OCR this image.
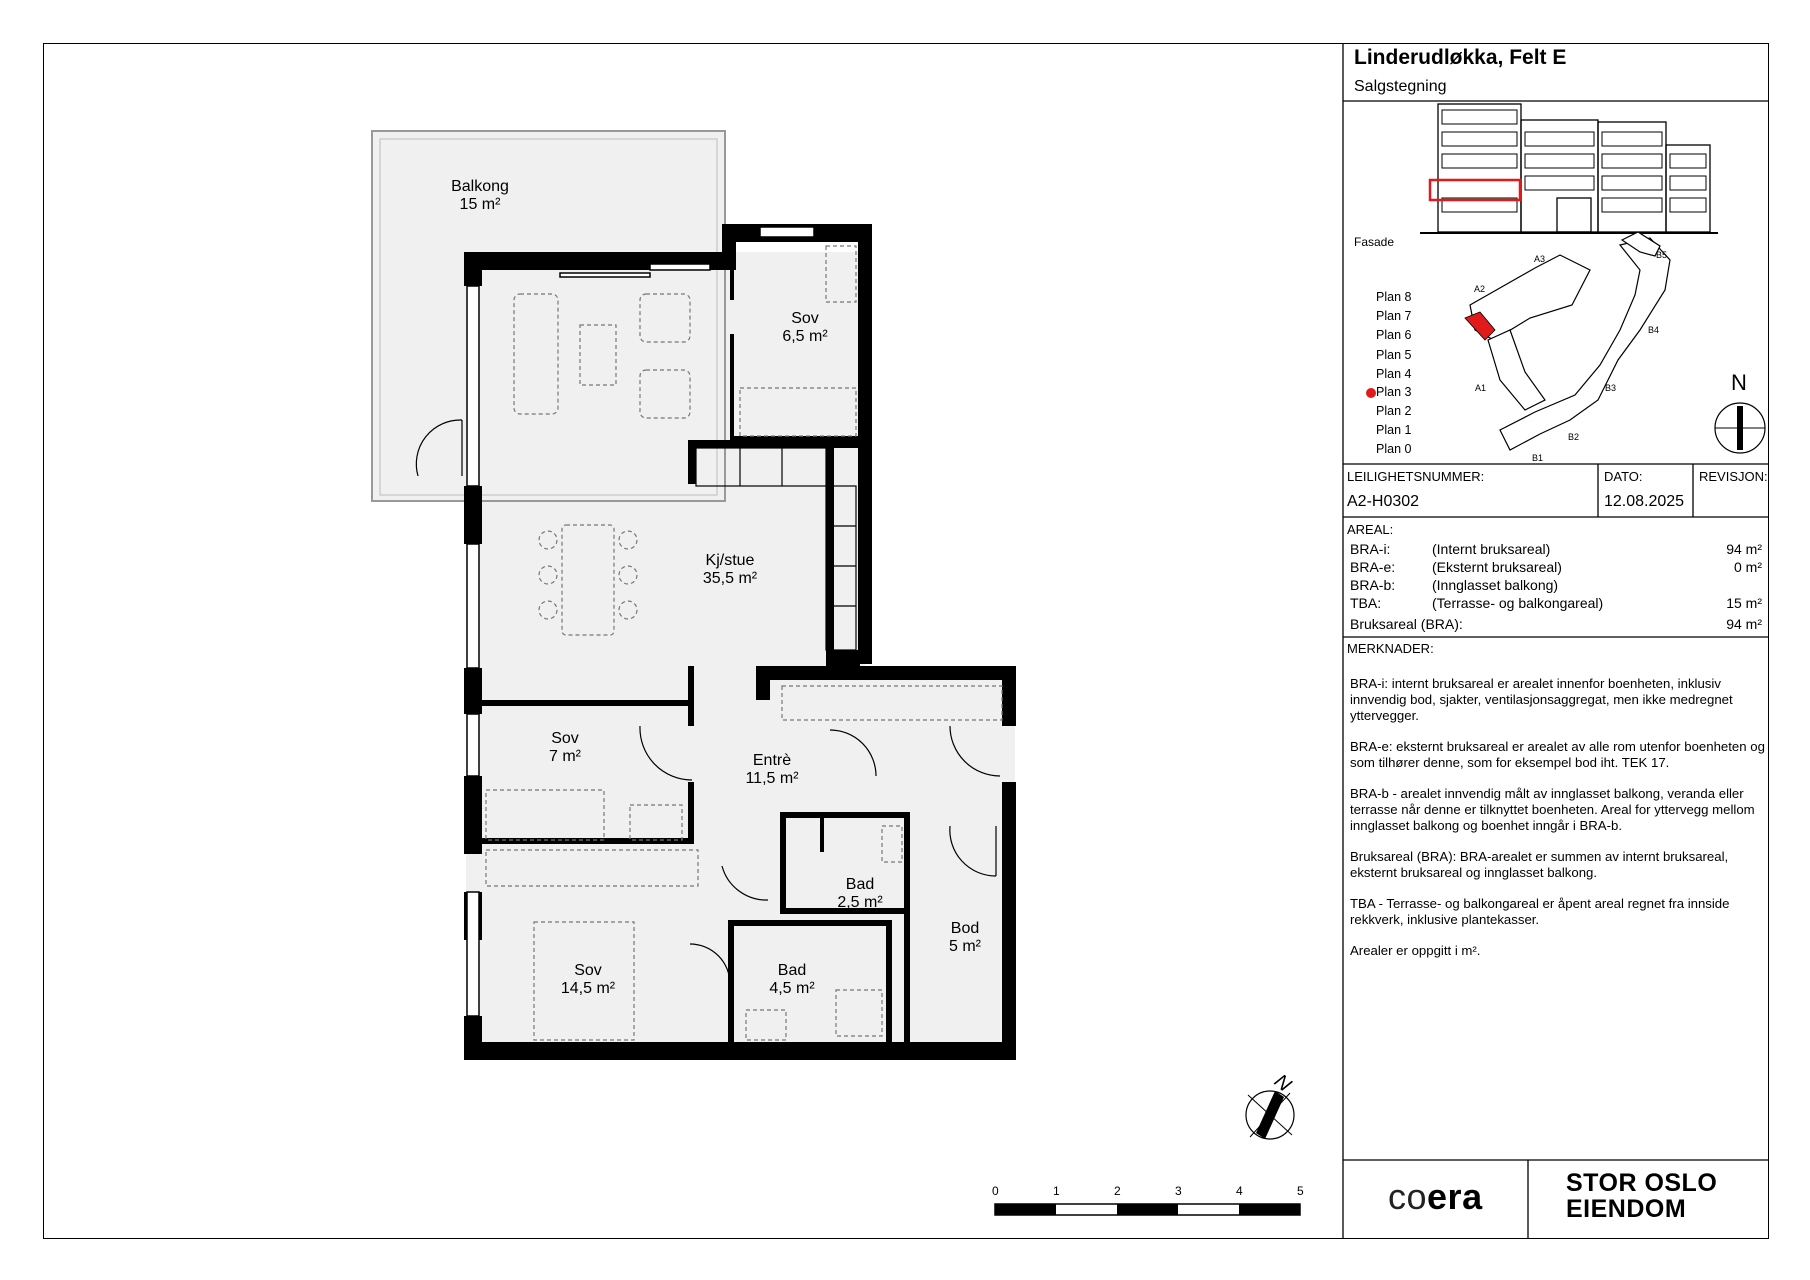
Balkong
15 m²
Sov
6,5 m²
Kj/stue
35,5 m²
Sov
7 m²	Entrè
11,5 m²
Bad
2,5 m²
Bod
5 m²
Sov
14,5 m²
Bad
4,5 m²
N
0	1	2	3	4	5
Linderudløkka, Felt E
Salgstegning
Fasade
Plan 8
Plan 7
Plan 6
Plan 5
Plan 4
Plan 3
Plan 2
Plan 1
Plan 0
A1
A2
A3
B1
B2
B3
B4
B5
N
LEILIGHETSNUMMER:
A2-H0302
DATO:
12.08.2025
REVISJON:
AREAL:
BRA-i:	(Internt bruksareal)	94 m²
BRA-e:	(Eksternt bruksareal)	0 m²
BRA-b:	(Innglasset balkong)
TBA:	(Terrasse- og balkongareal)	15 m²
Bruksareal (BRA):	94 m²
MERKNADER:

BRA-i: internt bruksareal er arealet innenfor boenheten, inklusiv innvendig bod, sjakter, ventilasjonsaggregat, men ikke medregnet yttervegger.

BRA-e: eksternt bruksareal er arealet av alle rom utenfor boenheten og som tilhører denne, som for eksempel bod iht. TEK 17.

BRA-b - arealet innvendig målt av innglasset balkong, veranda eller terrasse når denne er tilknyttet boenheten. Areal for yttervegg mellom innglasset balkong og boenhet inngår i BRA-b.

Bruksareal (BRA): BRA-arealet er summen av internt bruksareal, eksternt bruksareal og innglasset balkong.

TBA - Terrasse- og balkongareal er åpent areal regnet fra innside rekkverk, inklusive plantekasser.

Arealer er oppgitt i m².

coera	STOR OSLO
EIENDOM
